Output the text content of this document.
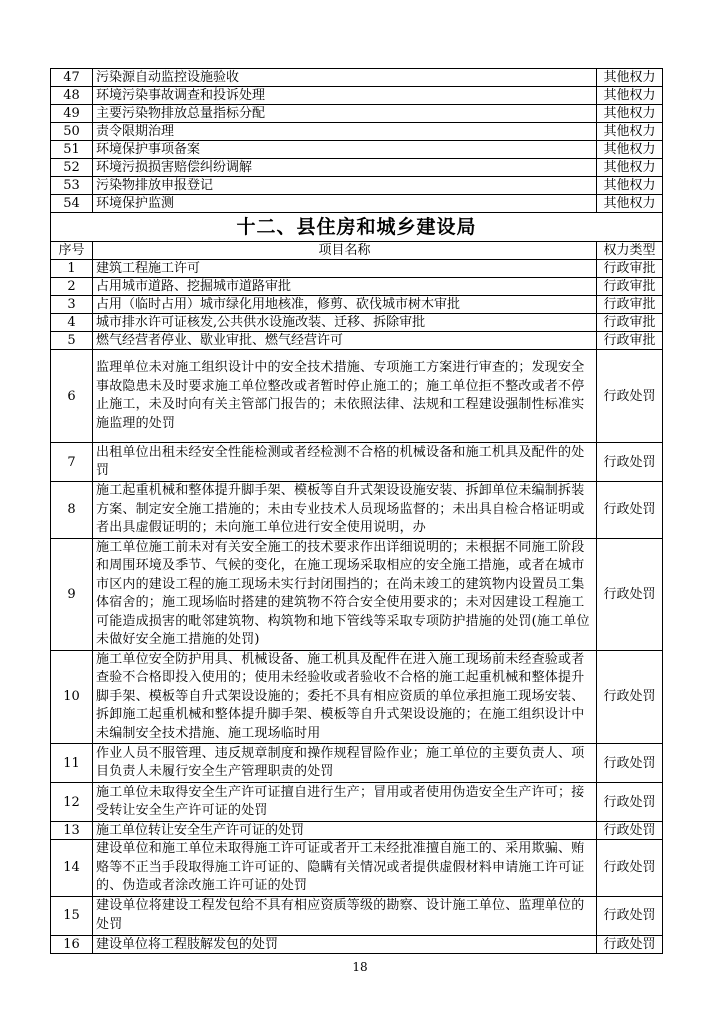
47	污染源自动监控设施验收	其他权力
48	环境污染事故调查和投诉处理	其他权力
49	主要污染物排放总量指标分配	其他权力
50	责令限期治理	其他权力
51	环境保护事项备案	其他权力
52	环境污损损害赔偿纠纷调解	其他权力
53	污染物排放申报登记	其他权力
54	环境保护监测	其他权力
十二、县住房和城乡建设局		
序号	项目名称	权力类型
1	建筑工程施工许可	行政审批
2	占用城市道路、挖掘城市道路审批	行政审批
3	占用（临时占用）城市绿化用地核准，修剪、砍伐城市树木审批	行政审批
4	城市排水许可证核发,公共供水设施改装、迁移、拆除审批	行政审批
5	燃气经营者停业、歇业审批、燃气经营许可	行政审批
6	监理单位未对施工组织设计中的安全技术措施、专项施工方案进行审查的；发现安全事故隐患未及时要求施工单位整改或者暂时停止施工的；施工单位拒不整改或者不停止施工，未及时向有关主管部门报告的；未依照法律、法规和工程建设强制性标准实施监理的处罚	行政处罚
7	出租单位出租未经安全性能检测或者经检测不合格的机械设备和施工机具及配件的处罚	行政处罚
8	施工起重机械和整体提升脚手架、模板等自升式架设设施安装、拆卸单位未编制拆装方案、制定安全施工措施的；未由专业技术人员现场监督的；未出具自检合格证明或者出具虚假证明的；未向施工单位进行安全使用说明，办	行政处罚
9	施工单位施工前未对有关安全施工的技术要求作出详细说明的；未根据不同施工阶段和周围环境及季节、气候的变化，在施工现场采取相应的安全施工措施，或者在城市市区内的建设工程的施工现场未实行封闭围挡的；在尚未竣工的建筑物内设置员工集体宿舍的；施工现场临时搭建的建筑物不符合安全使用要求的；未对因建设工程施工可能造成损害的毗邻建筑物、构筑物和地下管线等采取专项防护措施的处罚(施工单位未做好安全施工措施的处罚)	行政处罚
10	施工单位安全防护用具、机械设备、施工机具及配件在进入施工现场前未经查验或者查验不合格即投入使用的；使用未经验收或者验收不合格的施工起重机械和整体提升脚手架、模板等自升式架设设施的；委托不具有相应资质的单位承担施工现场安装、拆卸施工起重机械和整体提升脚手架、模板等自升式架设设施的；在施工组织设计中未编制安全技术措施、施工现场临时用	行政处罚
11	作业人员不服管理、违反规章制度和操作规程冒险作业；施工单位的主要负责人、项目负责人未履行安全生产管理职责的处罚	行政处罚
12	施工单位未取得安全生产许可证擅自进行生产；冒用或者使用伪造安全生产许可；接受转让安全生产许可证的处罚	行政处罚
13	施工单位转让安全生产许可证的处罚	行政处罚
14	建设单位和施工单位未取得施工许可证或者开工未经批准擅自施工的、采用欺骗、贿赂等不正当手段取得施工许可证的、隐瞒有关情况或者提供虚假材料申请施工许可证的、伪造或者涂改施工许可证的处罚	行政处罚
15	建设单位将建设工程发包给不具有相应资质等级的勘察、设计施工单位、监理单位的处罚	行政处罚
16	建设单位将工程肢解发包的处罚	行政处罚
18
